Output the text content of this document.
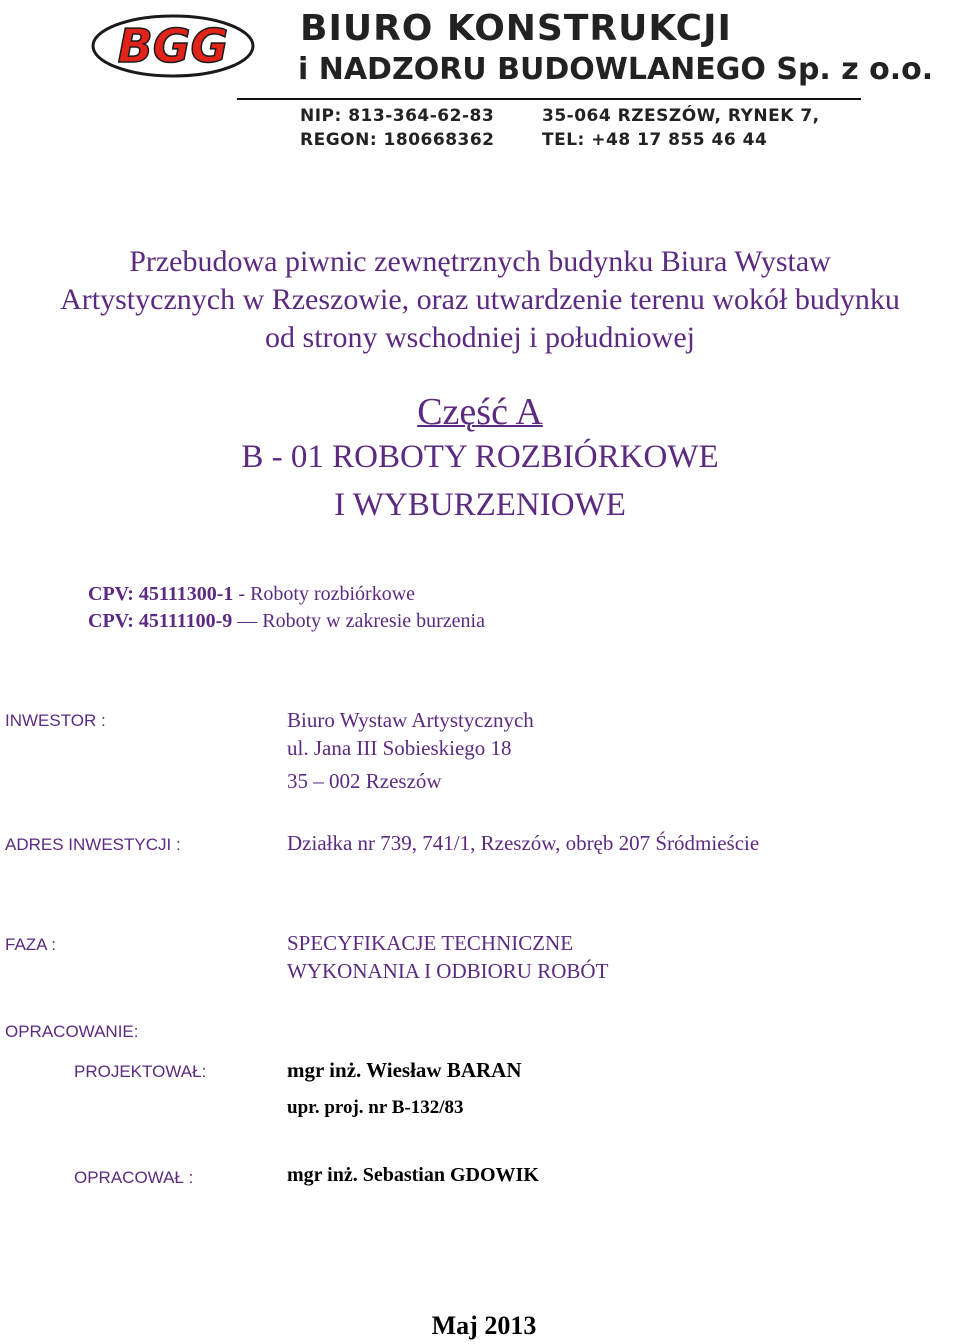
BGG BIURO KONSTRUKCJI
i NADZORU BUDOWLANEGO Sp. z o.o.
NIP: 813-364-62-83
REGON: 180668362
35-064 RZESZÓW, RYNEK 7,
TEL: +48 17 855 46 44
Przebudowa piwnic zewnętrznych budynku Biura Wystaw
Artystycznych w Rzeszowie, oraz utwardzenie terenu wokół budynku
od strony wschodniej i południowej
Część A
B - 01 ROBOTY ROZBIÓRKOWE
I WYBURZENIOWE
CPV: 45111300-1 - Roboty rozbiórkowe
CPV: 45111100-9 — Roboty w zakresie burzenia
INWESTOR :	Biuro Wystaw Artystycznych
ul. Jana III Sobieskiego 18
35 – 002 Rzeszów
ADRES INWESTYCJI :	Działka nr 739, 741/1, Rzeszów, obręb 207 Śródmieście
FAZA :	SPECYFIKACJE TECHNICZNE
WYKONANIA I ODBIORU ROBÓT
OPRACOWANIE:
PROJEKTOWAŁ:	mgr inż. Wiesław BARAN
upr. proj. nr B-132/83
OPRACOWAŁ :	mgr inż. Sebastian GDOWIK
Maj 2013
